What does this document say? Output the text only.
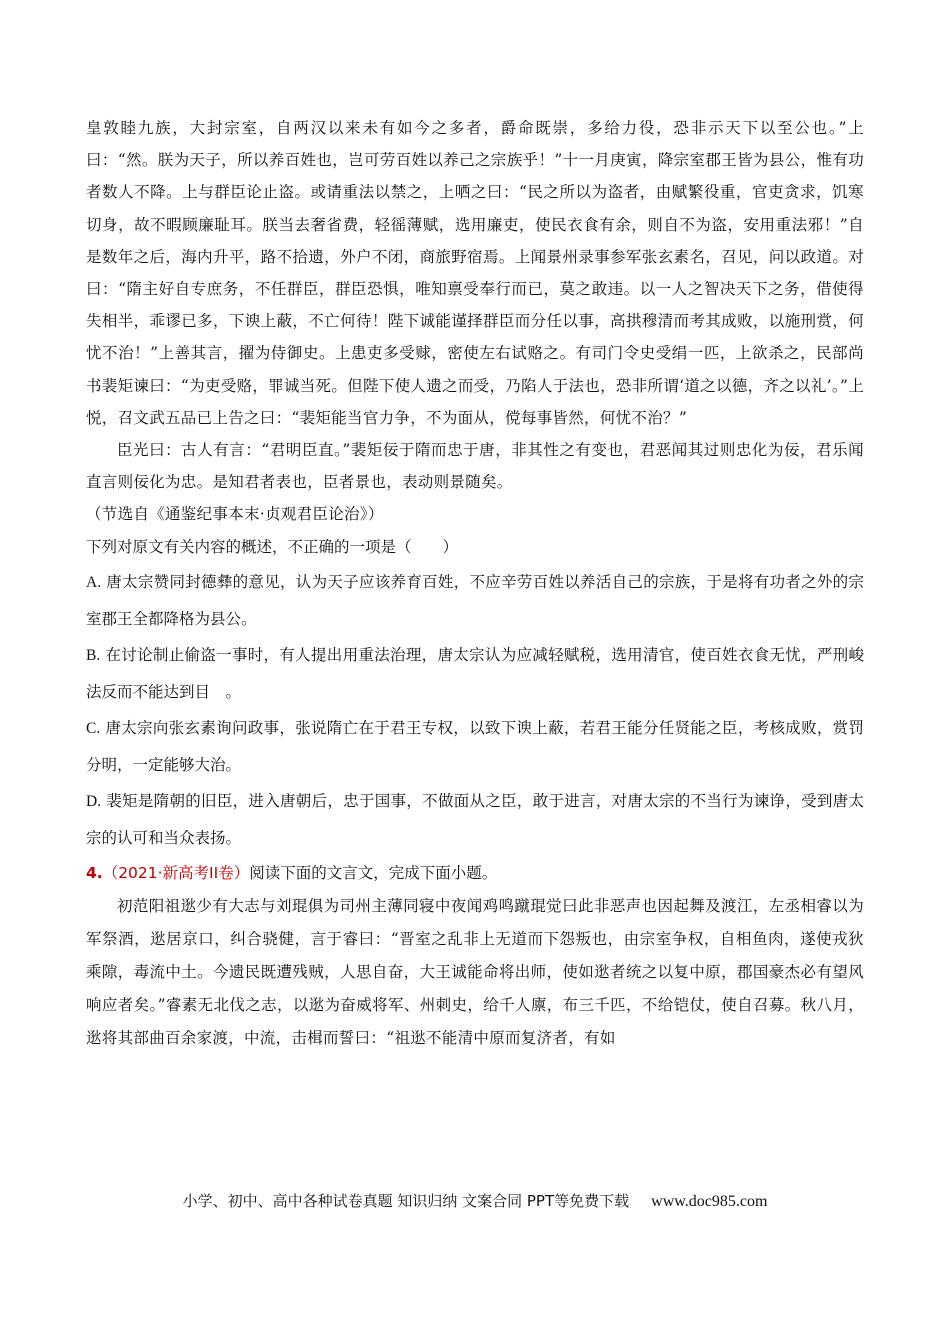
皇敦睦九族，大封宗室，自两汉以来未有如今之多者，爵命既崇，多给力役，恐非示天下以至公也。”上曰：“然。朕为天子，所以养百姓也，岂可劳百姓以养己之宗族乎！”十一月庚寅，降宗室郡王皆为县公，惟有功者数人不降。上与群臣论止盗。或请重法以禁之，上哂之曰：“民之所以为盗者，由赋繁役重，官吏贪求，饥寒切身，故不暇顾廉耻耳。朕当去奢省费，轻徭薄赋，选用廉吏，使民衣食有余，则自不为盗，安用重法邪！”自是数年之后，海内升平，路不拾遗，外户不闭，商旅野宿焉。上闻景州录事参军张玄素名，召见，问以政道。对曰：“隋主好自专庶务，不任群臣，群臣恐惧，唯知禀受奉行而已，莫之敢违。以一人之智决天下之务，借使得失相半，乖谬已多，下谀上蔽，不亡何待！陛下诚能谨择群臣而分任以事，高拱穆清而考其成败，以施刑赏，何忧不治！”上善其言，擢为侍御史。上患吏多受赇，密使左右试赂之。有司门令史受绢一匹，上欲杀之，民部尚书裴矩谏曰：“为吏受赂，罪诚当死。但陛下使人遗之而受，乃陷人于法也，恐非所谓‘道之以德，齐之以礼’。”上悦，召文武五品已上告之曰：“裴矩能当官力争，不为面从，傥每事皆然，何忧不治？”

臣光曰：古人有言：“君明臣直。”裴矩佞于隋而忠于唐，非其性之有变也，君恶闻其过则忠化为佞，君乐闻直言则佞化为忠。是知君者表也，臣者景也，表动则景随矣。

（节选自《通鉴纪事本末·贞观君臣论治》）

下列对原文有关内容的概述，不正确的一项是（　　）

A. 唐太宗赞同封德彝的意见，认为天子应该养育百姓，不应辛劳百姓以养活自己的宗族，于是将有功者之外的宗室郡王全都降格为县公。

B. 在讨论制止偷盗一事时，有人提出用重法治理，唐太宗认为应减轻赋税，选用清官，使百姓衣食无忧，严刑峻法反而不能达到目　。

C. 唐太宗向张玄素询问政事，张说隋亡在于君王专权，以致下谀上蔽，若君王能分任贤能之臣，考核成败，赏罚分明，一定能够大治。

D. 裴矩是隋朝的旧臣，进入唐朝后，忠于国事，不做面从之臣，敢于进言，对唐太宗的不当行为谏诤，受到唐太宗的认可和当众表扬。

4.（2021·新高考II卷）阅读下面的文言文，完成下面小题。

初范阳祖逖少有大志与刘琨俱为司州主薄同寝中夜闻鸡鸣蹴琨觉曰此非恶声也因起舞及渡江，左丞相睿以为军祭酒，逖居京口，纠合骁健，言于睿曰：“晋室之乱非上无道而下怨叛也，由宗室争权，自相鱼肉，遂使戎狄乘隙，毒流中土。今遗民既遭残贼，人思自奋，大王诚能命将出师，使如逖者统之以复中原，郡国豪杰必有望风响应者矣。”睿素无北伐之志，以逖为奋威将军、州刺史，给千人廪，布三千匹，不给铠仗，使自召募。秋八月，逖将其部曲百余家渡，中流，击楫而誓曰：“祖逖不能清中原而复济者，有如

小学、初中、高中各种试卷真题 知识归纳 文案合同 PPT等免费下载 www.doc985.com
